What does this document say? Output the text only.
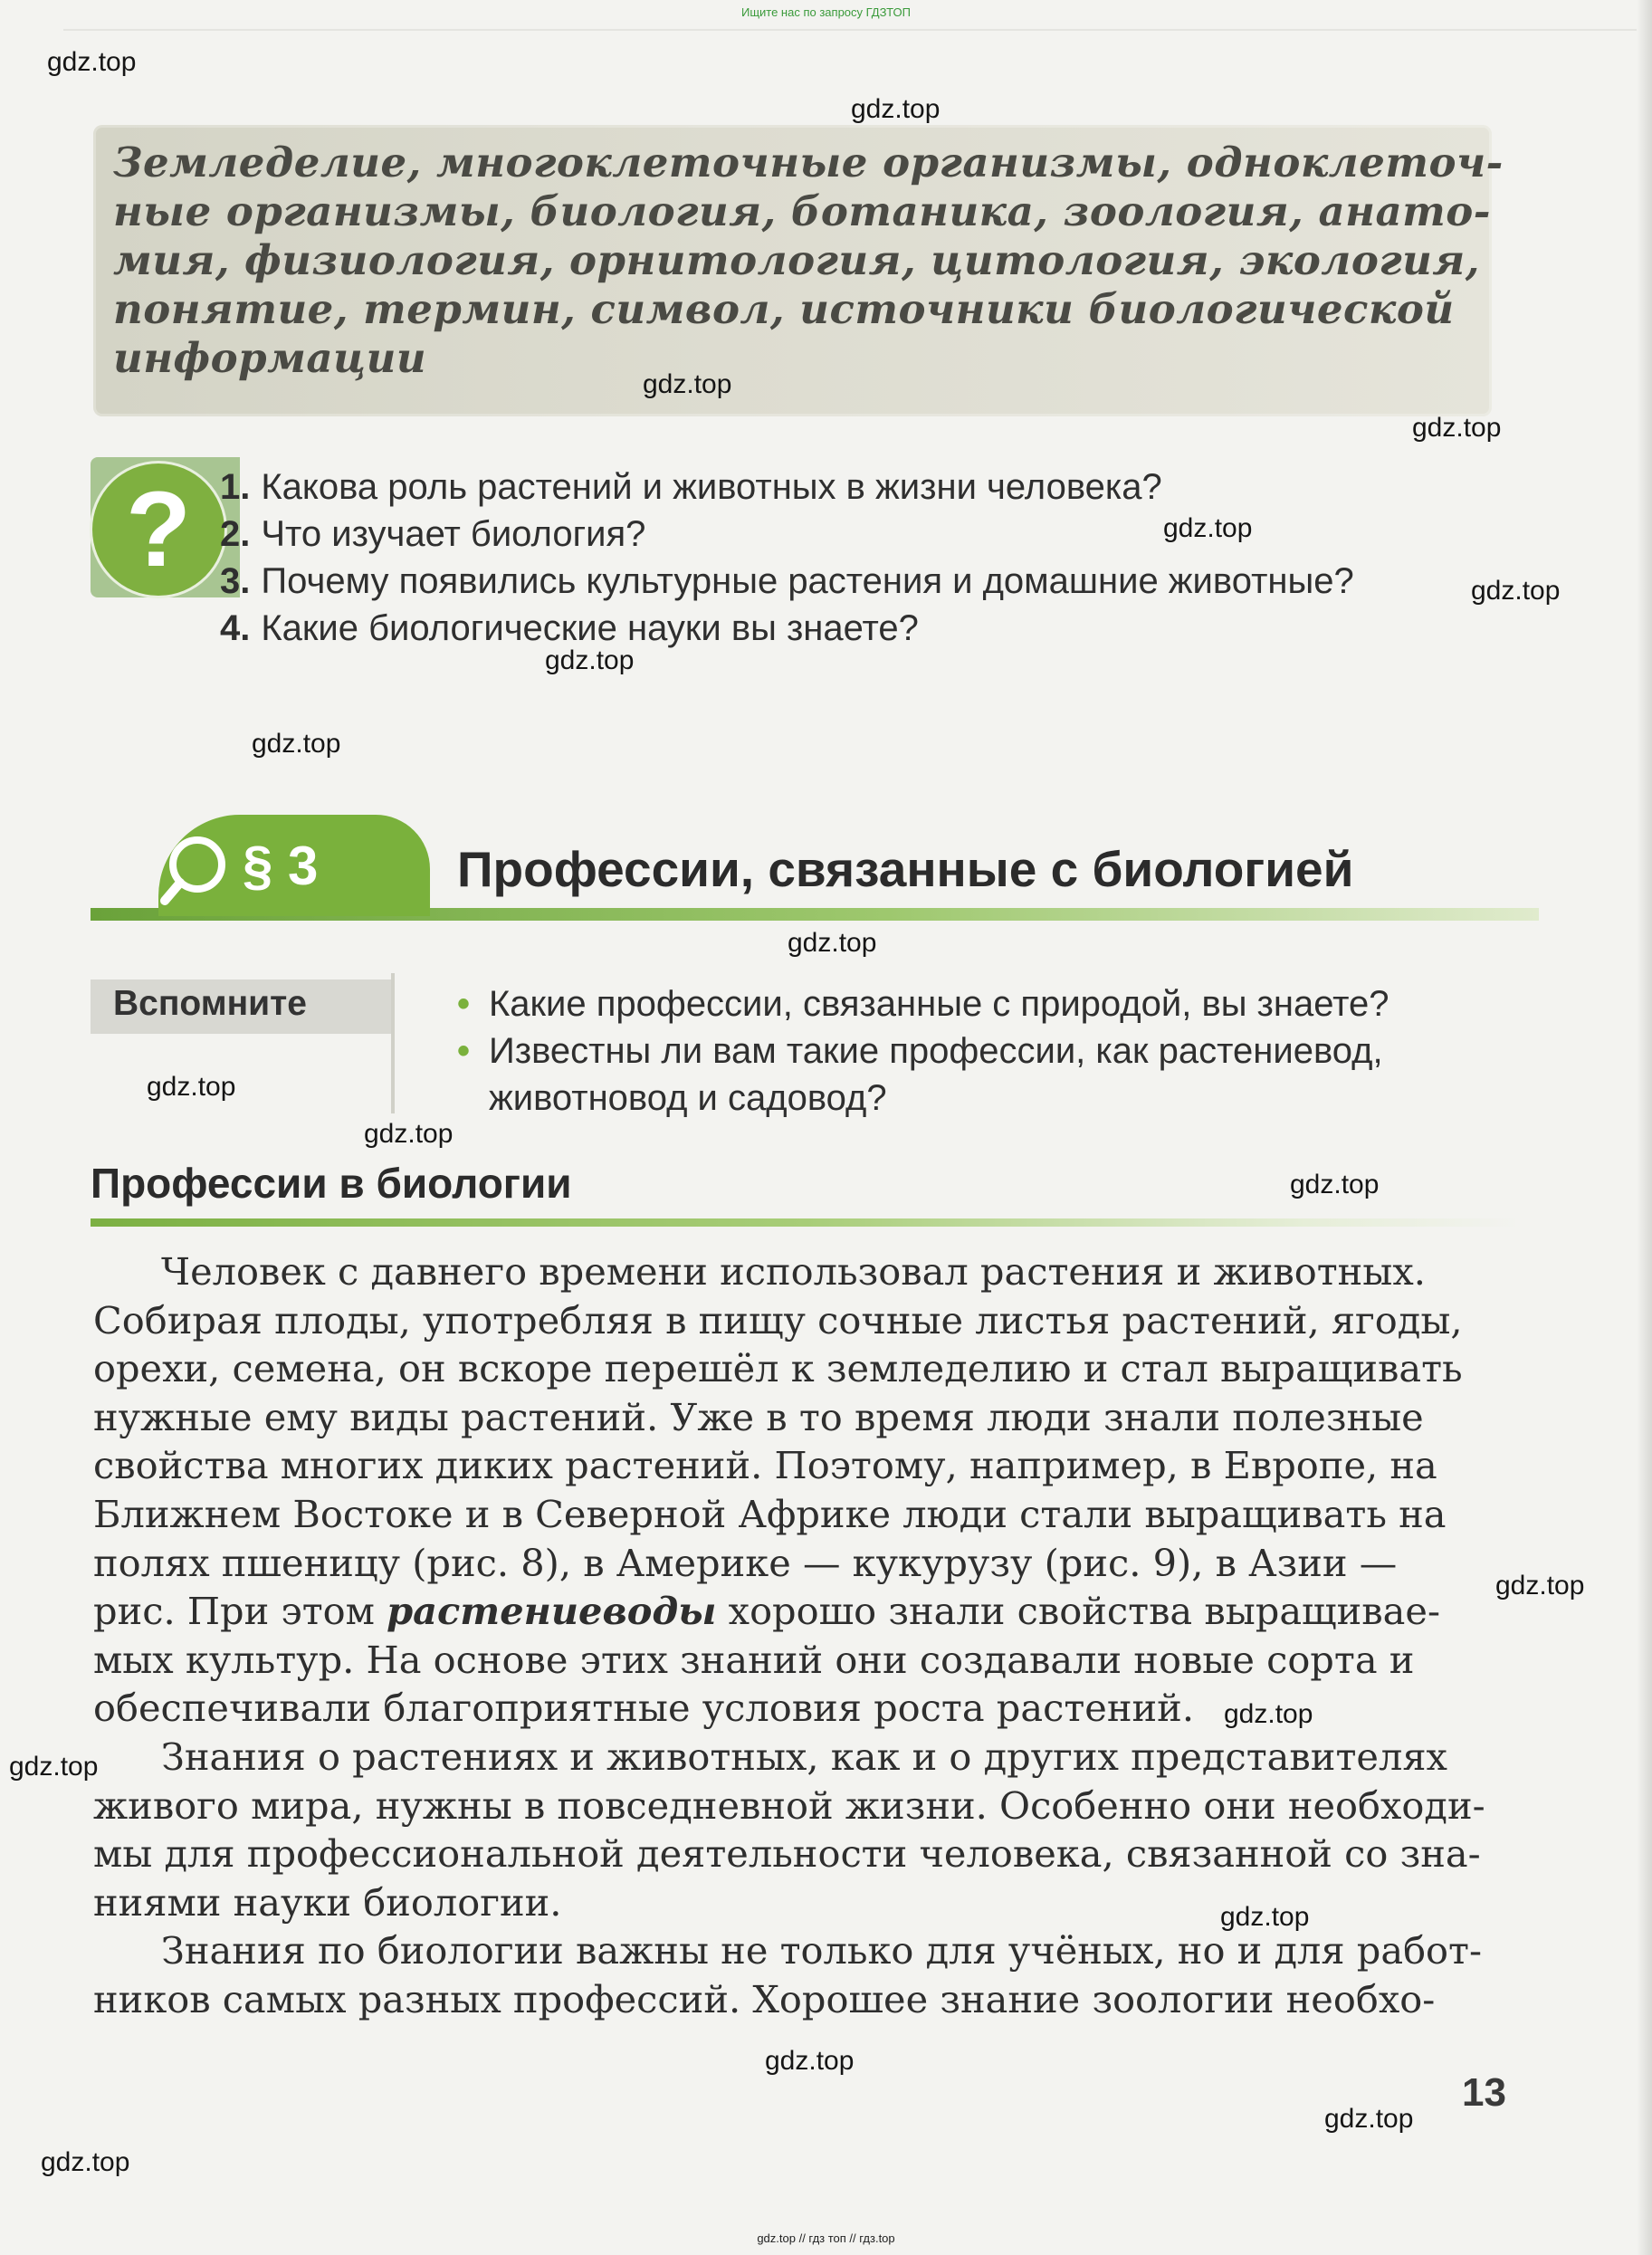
Ищите нас по запросу ГДЗТОП
Земледелие, многоклеточные организмы, одноклеточ-
ные организмы, биология, ботаника, зоология, анато-
мия, физиология, орнитология, цитология, экология,
понятие, термин, символ, источники биологической
информации
? 1. Какова роль растений и животных в жизни человека?
2. Что изучает биология?
3. Почему появились культурные растения и домашние животные?
4. Какие биологические науки вы знаете?
§ 3	Профессии, связанные с биологией
Вспомните	• Какие профессии, связанные с природой, вы знаете?
• Известны ли вам такие профессии, как растениевод, животновод и садовод?
Профессии в биологии
Человек с давнего времени использовал растения и животных.
Собирая плоды, употребляя в пищу сочные листья растений, ягоды,
орехи, семена, он вскоре перешёл к земледелию и стал выращивать
нужные ему виды растений. Уже в то время люди знали полезные
свойства многих диких растений. Поэтому, например, в Европе, на
Ближнем Востоке и в Северной Африке люди стали выращивать на
полях пшеницу (рис. 8), в Америке — кукурузу (рис. 9), в Азии —
рис. При этом растениеводы хорошо знали свойства выращивае-
мых культур. На основе этих знаний они создавали новые сорта и
обеспечивали благоприятные условия роста растений.
Знания о растениях и животных, как и о других представителях
живого мира, нужны в повседневной жизни. Особенно они необходи-
мы для профессиональной деятельности человека, связанной со зна-
ниями науки биологии.
Знания по биологии важны не только для учёных, но и для работ-
ников самых разных профессий. Хорошее знание зоологии необхо-
13
gdz.top
gdz.top
gdz.top
gdz.top
gdz.top
gdz.top
gdz.top
gdz.top
gdz.top
gdz.top
gdz.top
gdz.top
gdz.top
gdz.top
gdz.top
gdz.top
gdz.top
gdz.top
gdz.top
gdz.top // гдз топ // гдз.top
